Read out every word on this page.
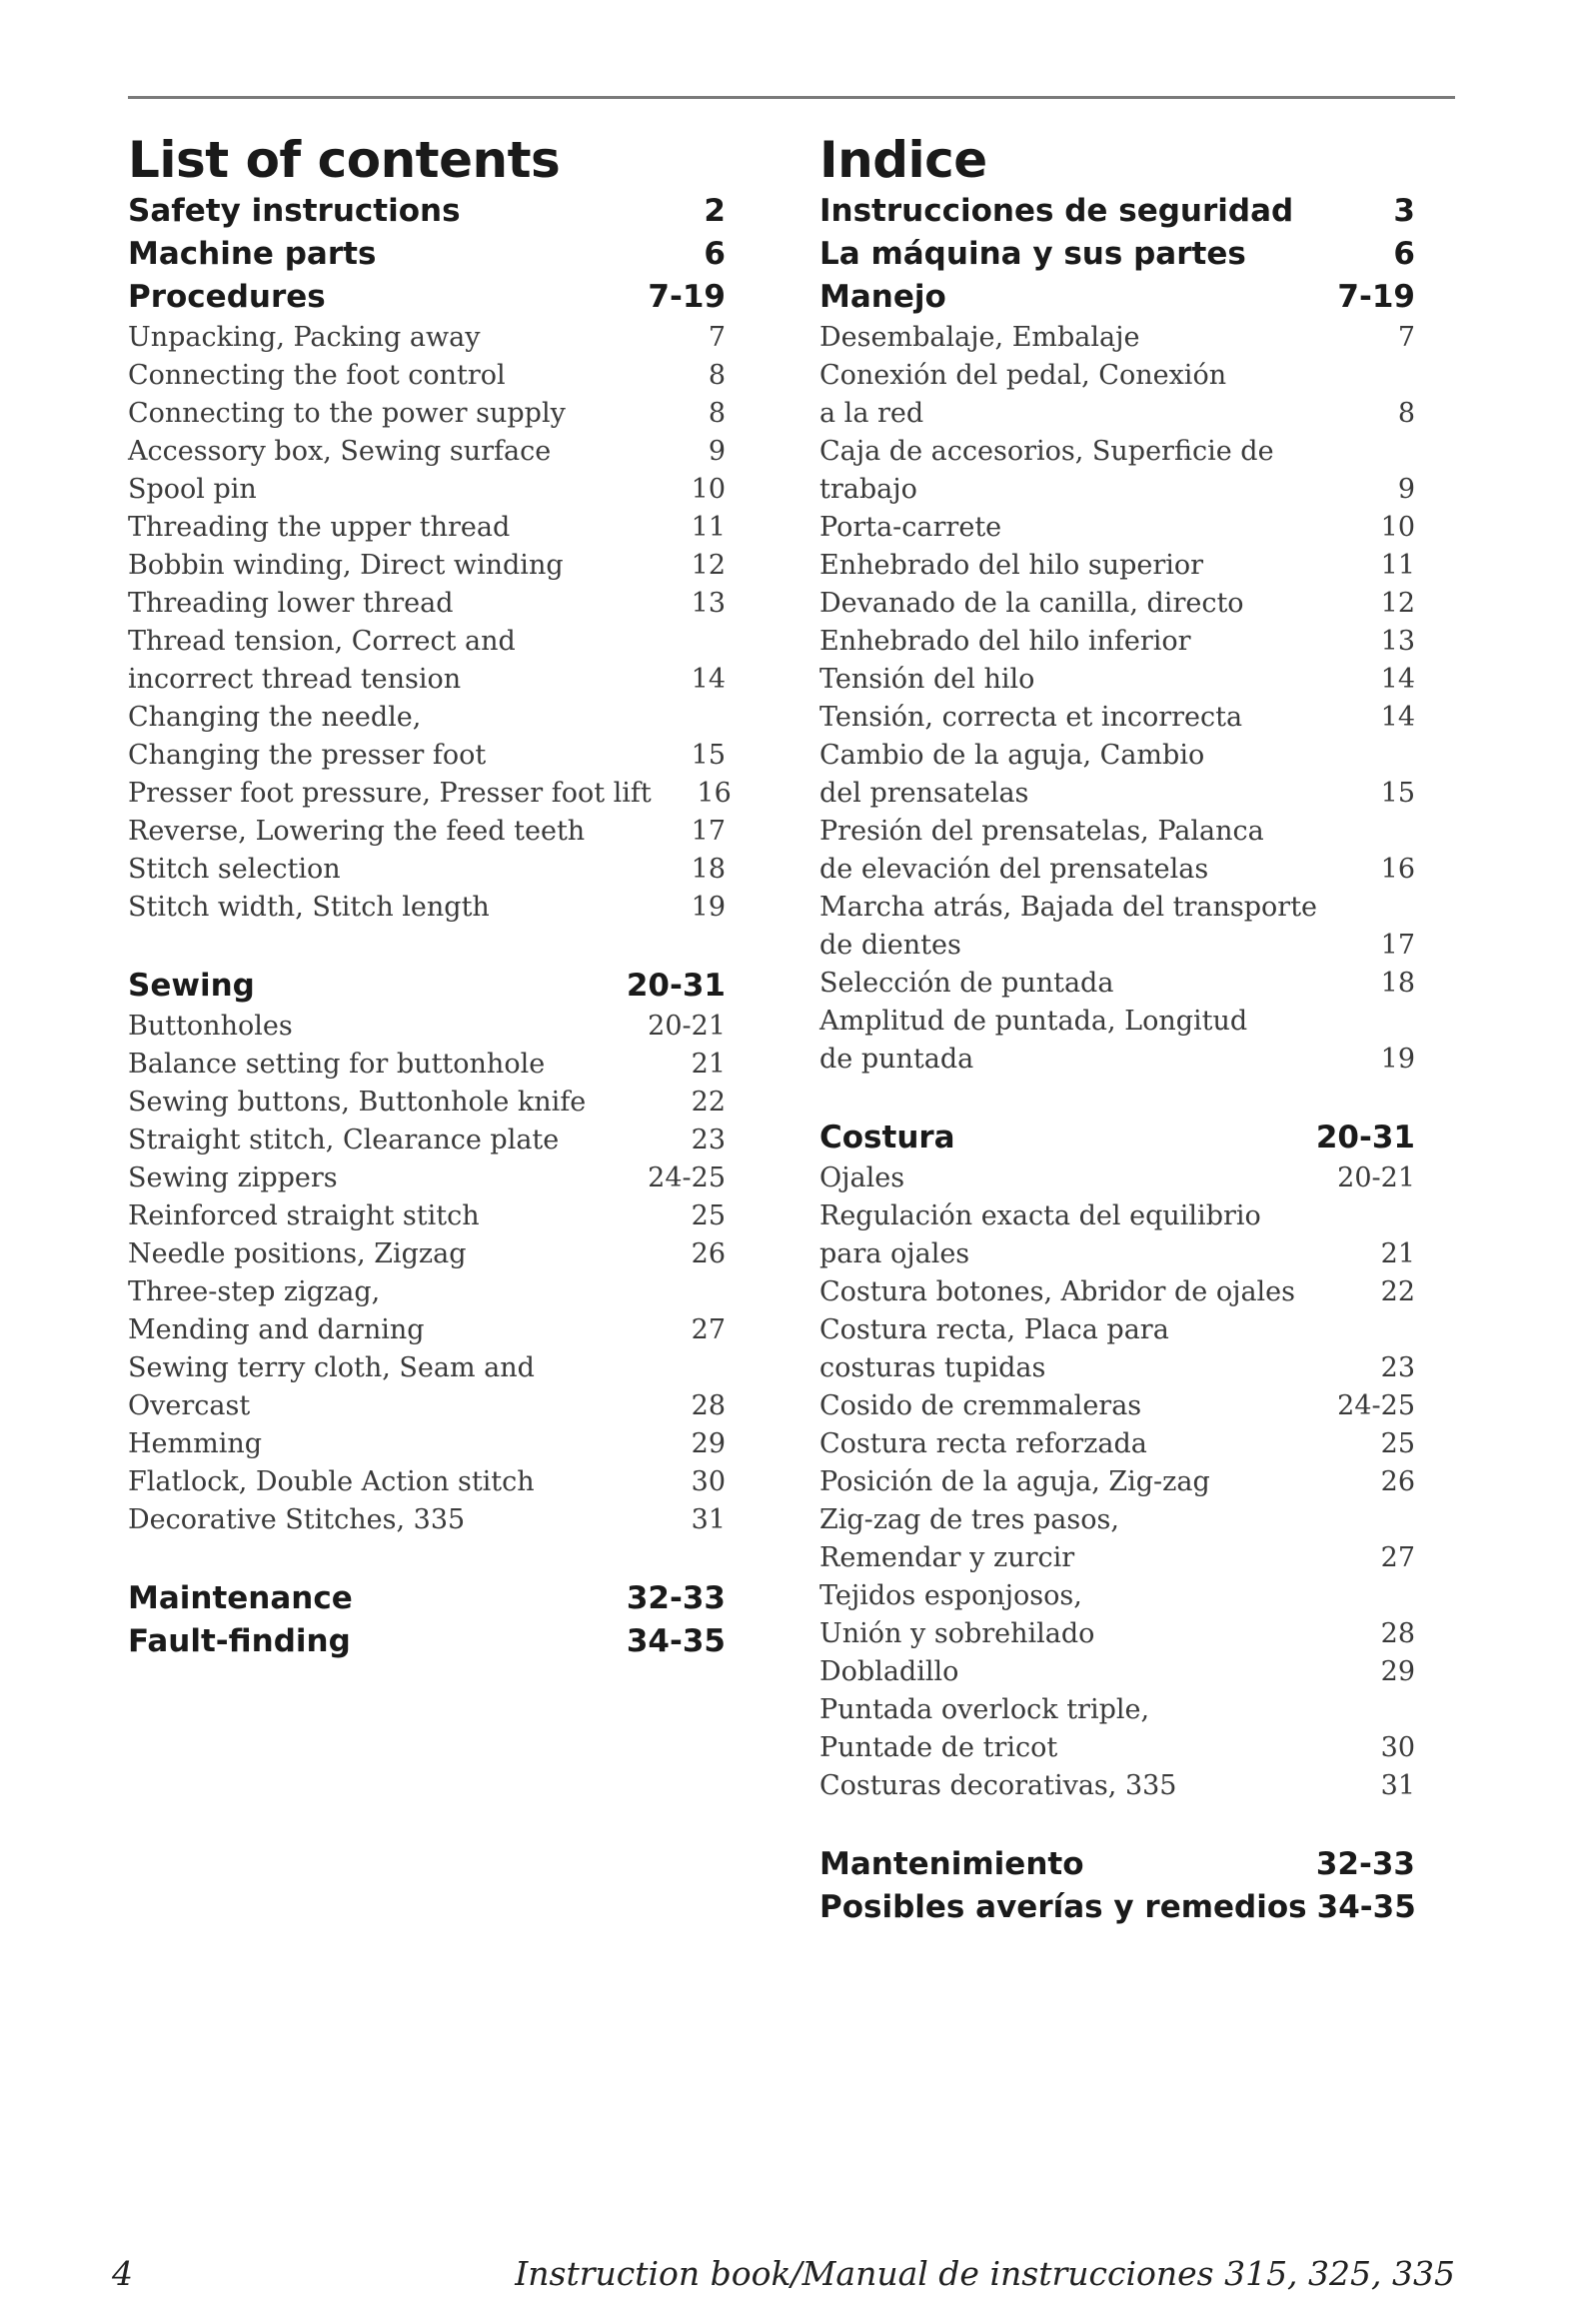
List of contents
Safety instructions	2
Machine parts	6
Procedures	7-19
Unpacking, Packing away	7
Connecting the foot control	8
Connecting to the power supply	8
Accessory box, Sewing surface	9
Spool pin	10
Threading the upper thread	11
Bobbin winding, Direct winding	12
Threading lower thread	13
Thread tension, Correct and
incorrect thread tension	14
Changing the needle,
Changing the presser foot	15
Presser foot pressure, Presser foot lift	16
Reverse, Lowering the feed teeth	17
Stitch selection	18
Stitch width, Stitch length	19
Sewing	20-31
Buttonholes	20-21
Balance setting for buttonhole	21
Sewing buttons, Buttonhole knife	22
Straight stitch, Clearance plate	23
Sewing zippers	24-25
Reinforced straight stitch	25
Needle positions, Zigzag	26
Three-step zigzag,
Mending and darning	27
Sewing terry cloth, Seam and
Overcast	28
Hemming	29
Flatlock, Double Action stitch	30
Decorative Stitches, 335	31
Maintenance	32-33
Fault-finding	34-35
Indice
Instrucciones de seguridad	3
La máquina y sus partes	6
Manejo	7-19
Desembalaje, Embalaje	7
Conexión del pedal, Conexión
a la red	8
Caja de accesorios, Superficie de
trabajo	9
Porta-carrete	10
Enhebrado del hilo superior	11
Devanado de la canilla, directo	12
Enhebrado del hilo inferior	13
Tensión del hilo	14
Tensión, correcta et incorrecta	14
Cambio de la aguja, Cambio
del prensatelas	15
Presión del prensatelas, Palanca
de elevación del prensatelas	16
Marcha atrás, Bajada del transporte
de dientes	17
Selección de puntada	18
Amplitud de puntada, Longitud
de puntada	19
Costura	20-31
Ojales	20-21
Regulación exacta del equilibrio
para ojales	21
Costura botones, Abridor de ojales	22
Costura recta, Placa para
costuras tupidas	23
Cosido de cremmaleras	24-25
Costura recta reforzada	25
Posición de la aguja, Zig-zag	26
Zig-zag de tres pasos,
Remendar y zurcir	27
Tejidos esponjosos,
Unión y sobrehilado	28
Dobladillo	29
Puntada overlock triple,
Puntade de tricot	30
Costuras decorativas, 335	31
Mantenimiento	32-33
Posibles averías y remedios 34-35
4	Instruction book/Manual de instrucciones 315, 325, 335
